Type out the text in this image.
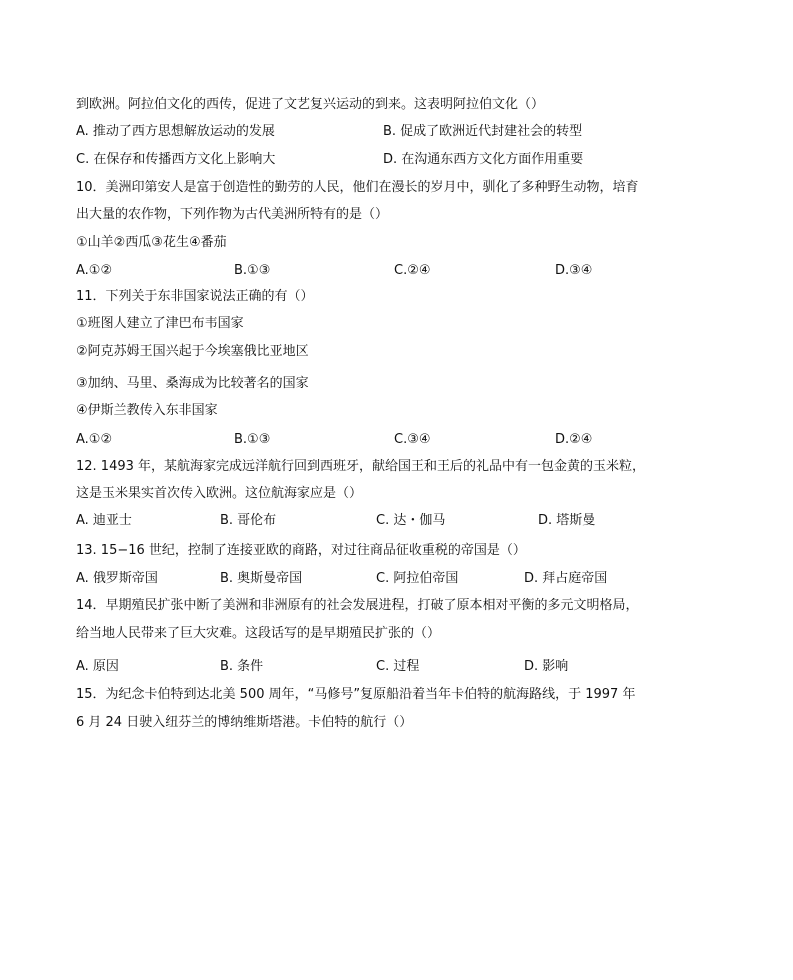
到欧洲。阿拉伯文化的西传，促进了文艺复兴运动的到来。这表明阿拉伯文化（）
A. 推动了西方思想解放运动的发展	B. 促成了欧洲近代封建社会的转型
C. 在保存和传播西方文化上影响大	D. 在沟通东西方文化方面作用重要
10．美洲印第安人是富于创造性的勤劳的人民，他们在漫长的岁月中，驯化了多种野生动物，培育
出大量的农作物，下列作物为古代美洲所特有的是（）
①山羊②西瓜③花生④番茄
A.①②	B.①③	C.②④	D.③④
11．下列关于东非国家说法正确的有（）
①班图人建立了津巴布韦国家
②阿克苏姆王国兴起于今埃塞俄比亚地区
③加纳、马里、桑海成为比较著名的国家
④伊斯兰教传入东非国家
A.①②	B.①③	C.③④	D.②④
12. 1493 年，某航海家完成远洋航行回到西班牙，献给国王和王后的礼品中有一包金黄的玉米粒，
这是玉米果实首次传入欧洲。这位航海家应是（）
A. 迪亚士	B. 哥伦布	C. 达・伽马	D. 塔斯曼
13. 15−16 世纪，控制了连接亚欧的商路，对过往商品征收重税的帝国是（）
A. 俄罗斯帝国	B. 奥斯曼帝国	C. 阿拉伯帝国	D. 拜占庭帝国
14．早期殖民扩张中断了美洲和非洲原有的社会发展进程，打破了原本相对平衡的多元文明格局，
给当地人民带来了巨大灾难。这段话写的是早期殖民扩张的（）
A. 原因	B. 条件	C. 过程	D. 影响
15．为纪念卡伯特到达北美 500 周年，“马修号”复原船沿着当年卡伯特的航海路线，于 1997 年
6 月 24 日驶入纽芬兰的博纳维斯塔港。卡伯特的航行（）
